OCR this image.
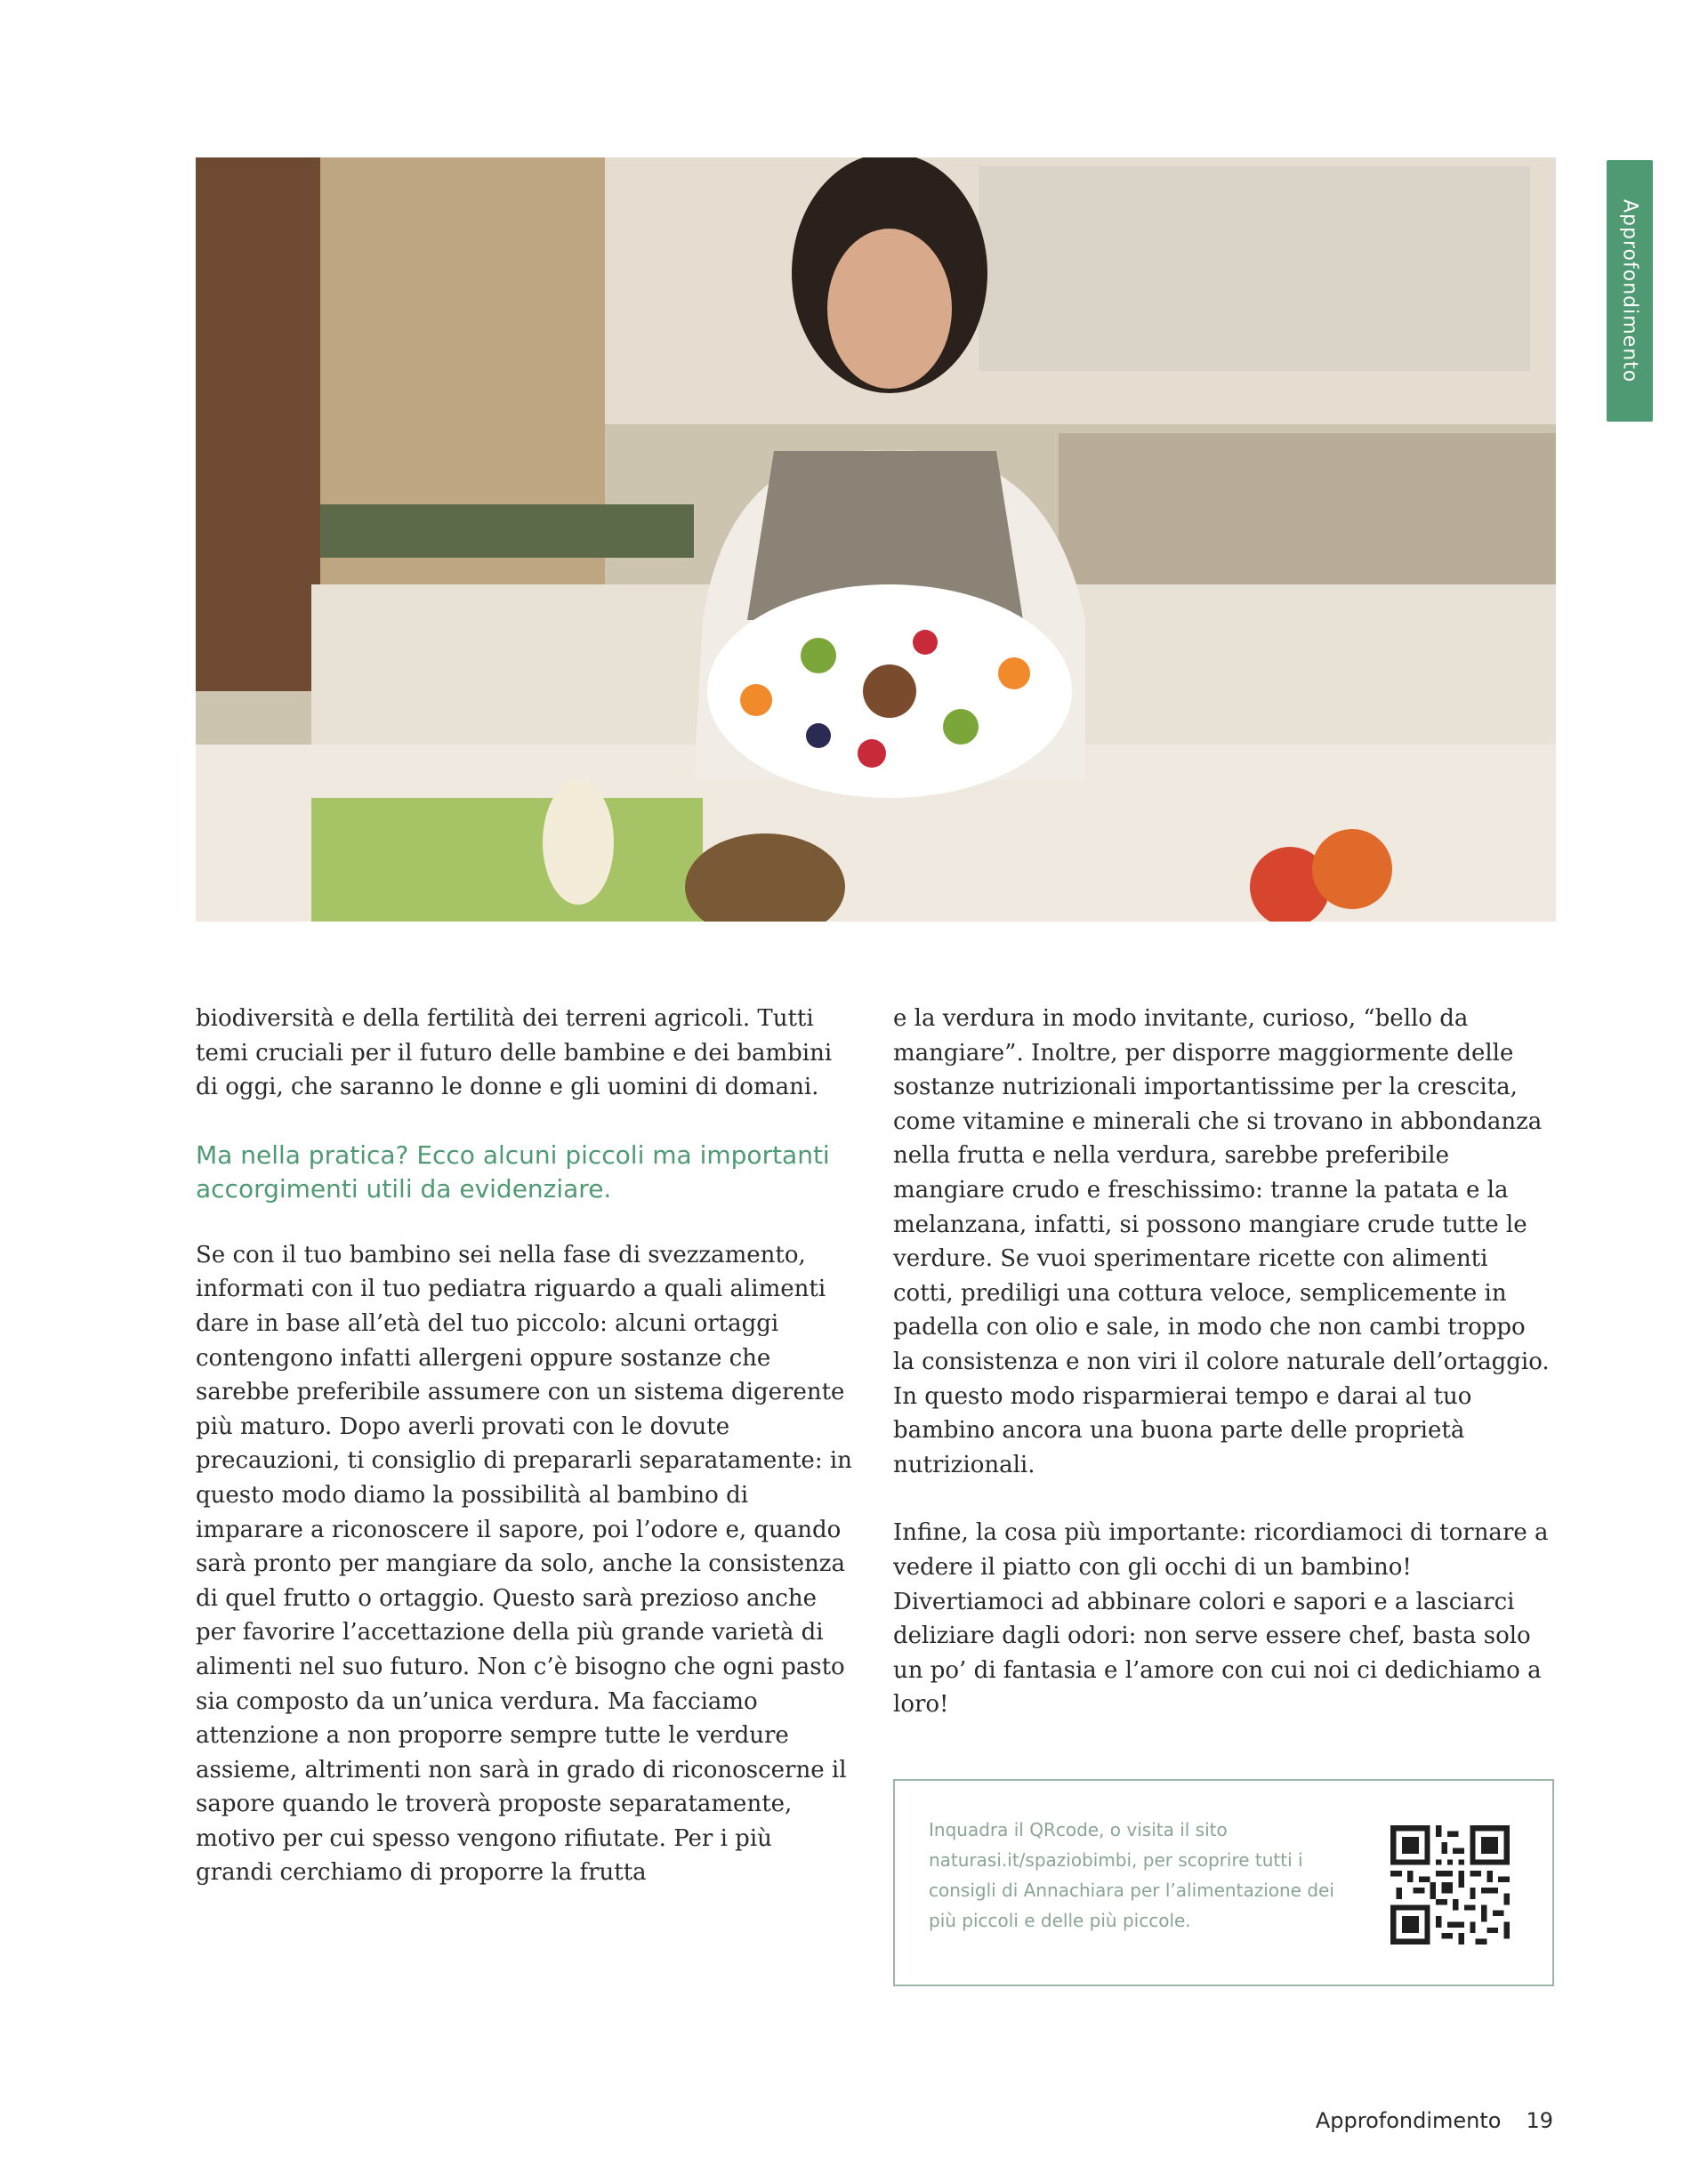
Approfondimento

biodiversità e della fertilità dei terreni agricoli. Tutti temi cruciali per il futuro delle bambine e dei bambini di oggi, che saranno le donne e gli uomini di domani.

Ma nella pratica? Ecco alcuni piccoli ma importanti accorgimenti utili da evidenziare.

Se con il tuo bambino sei nella fase di svezzamento, informati con il tuo pediatra riguardo a quali alimenti dare in base all’età del tuo piccolo: alcuni ortaggi contengono infatti allergeni oppure sostanze che sarebbe preferibile assumere con un sistema digerente più maturo. Dopo averli provati con le dovute precauzioni, ti consiglio di prepararli separatamente: in questo modo diamo la possibilità al bambino di imparare a riconoscere il sapore, poi l’odore e, quando sarà pronto per mangiare da solo, anche la consistenza di quel frutto o ortaggio. Questo sarà prezioso anche per favorire l’accettazione della più grande varietà di alimenti nel suo futuro. Non c’è bisogno che ogni pasto sia composto da un’unica verdura. Ma facciamo attenzione a non proporre sempre tutte le verdure assieme, altrimenti non sarà in grado di riconoscerne il sapore quando le troverà proposte separatamente, motivo per cui spesso vengono rifiutate. Per i più grandi cerchiamo di proporre la frutta

e la verdura in modo invitante, curioso, “bello da mangiare”. Inoltre, per disporre maggiormente delle sostanze nutrizionali importantissime per la crescita, come vitamine e minerali che si trovano in abbondanza nella frutta e nella verdura, sarebbe preferibile mangiare crudo e freschissimo: tranne la patata e la melanzana, infatti, si possono mangiare crude tutte le verdure. Se vuoi sperimentare ricette con alimenti cotti, prediligi una cottura veloce, semplicemente in padella con olio e sale, in modo che non cambi troppo la consistenza e non viri il colore naturale dell’ortaggio. In questo modo risparmierai tempo e darai al tuo bambino ancora una buona parte delle proprietà nutrizionali.

Infine, la cosa più importante: ricordiamoci di tornare a vedere il piatto con gli occhi di un bambino! Divertiamoci ad abbinare colori e sapori e a lasciarci deliziare dagli odori: non serve essere chef, basta solo un po’ di fantasia e l’amore con cui noi ci dedichiamo a loro!

Inquadra il QRcode, o visita il sito naturasi.it/spaziobimbi, per scoprire tutti i consigli di Annachiara per l’alimentazione dei più piccoli e delle più piccole.
Approfondimento 19
